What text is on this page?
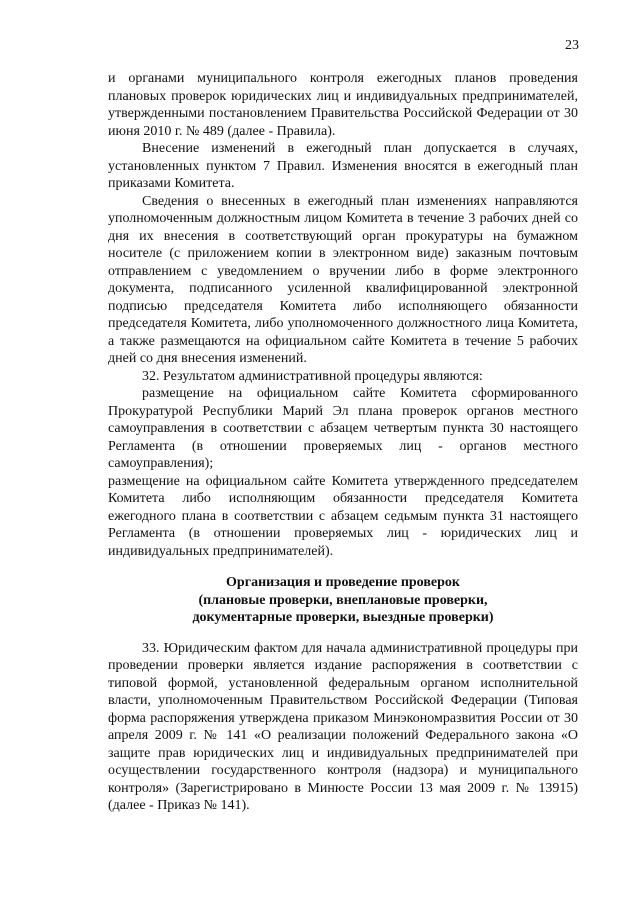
23

и органами муниципального контроля ежегодных планов проведения плановых проверок юридических лиц и индивидуальных предпринимателей, утвержденными постановлением Правительства Российской Федерации от 30 июня 2010 г. № 489 (далее - Правила).

Внесение изменений в ежегодный план допускается в случаях, установленных пунктом 7 Правил. Изменения вносятся в ежегодный план приказами Комитета.

Сведения о внесенных в ежегодный план изменениях направляются уполномоченным должностным лицом Комитета в течение 3 рабочих дней со дня их внесения в соответствующий орган прокуратуры на бумажном носителе (с приложением копии в электронном виде) заказным почтовым отправлением с уведомлением о вручении либо в форме электронного документа, подписанного усиленной квалифицированной электронной подписью председателя Комитета либо исполняющего обязанности председателя Комитета, либо уполномоченного должностного лица Комитета, а также размещаются на официальном сайте Комитета в течение 5 рабочих дней со дня внесения изменений.

32. Результатом административной процедуры являются:

размещение на официальном сайте Комитета сформированного Прокуратурой Республики Марий Эл плана проверок органов местного самоуправления в соответствии с абзацем четвертым пункта 30 настоящего Регламента (в отношении проверяемых лиц - органов местного самоуправления);

размещение на официальном сайте Комитета утвержденного председателем Комитета либо исполняющим обязанности председателя Комитета ежегодного плана в соответствии с абзацем седьмым пункта 31 настоящего Регламента (в отношении проверяемых лиц - юридических лиц и индивидуальных предпринимателей).

Организация и проведение проверок
(плановые проверки, внеплановые проверки,
документарные проверки, выездные проверки)

33. Юридическим фактом для начала административной процедуры при проведении проверки является издание распоряжения в соответствии с типовой формой, установленной федеральным органом исполнительной власти, уполномоченным Правительством Российской Федерации (Типовая форма распоряжения утверждена приказом Минэкономразвития России от 30 апреля 2009 г. № 141 «О реализации положений Федерального закона «О защите прав юридических лиц и индивидуальных предпринимателей при осуществлении государственного контроля (надзора) и муниципального контроля» (Зарегистрировано в Минюсте России 13 мая 2009 г. № 13915) (далее - Приказ № 141).
